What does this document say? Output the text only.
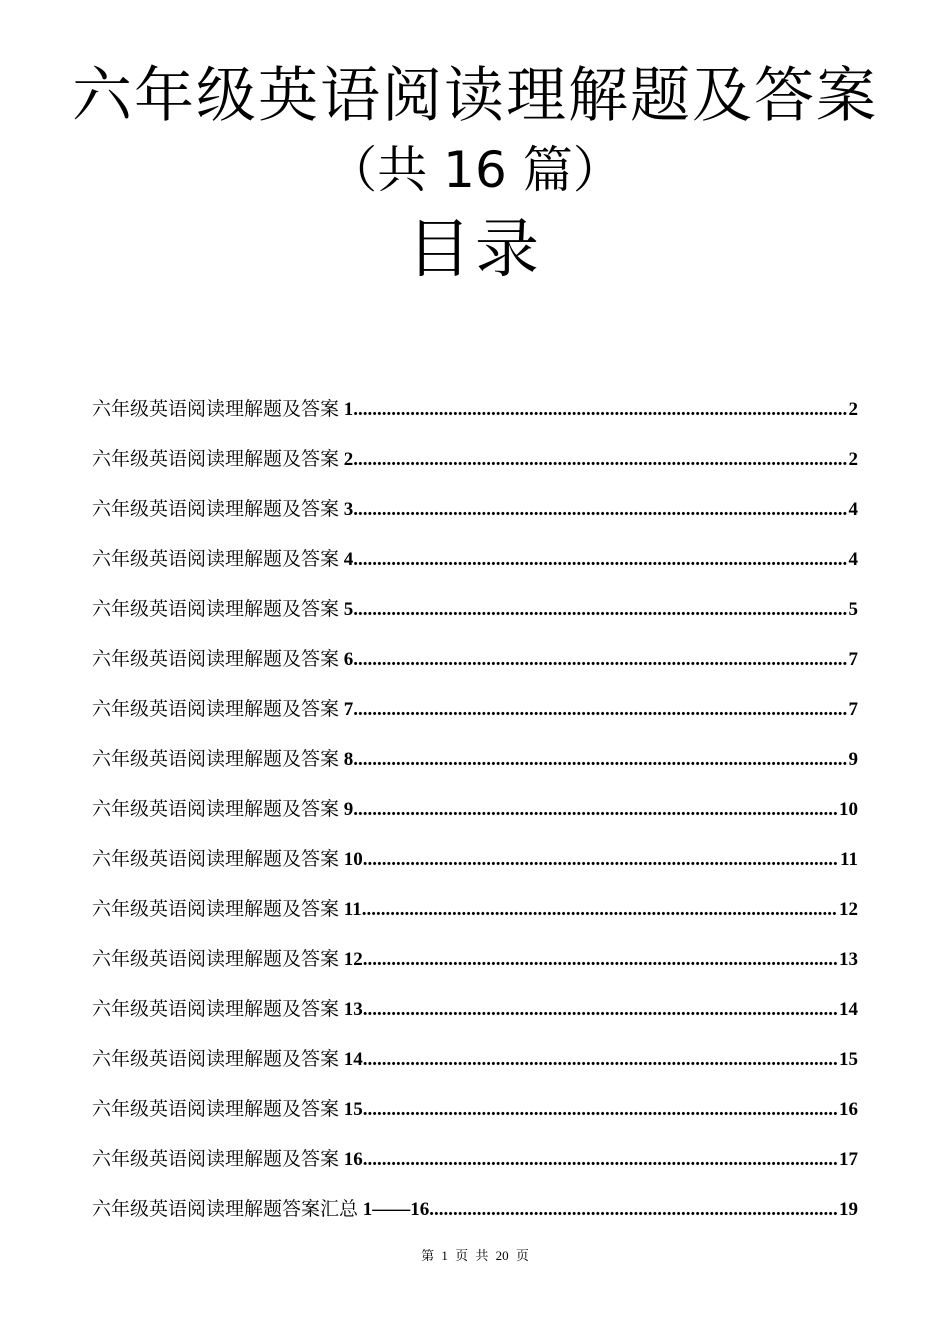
六年级英语阅读理解题及答案
（共 16 篇）
目录
六年级英语阅读理解题及答案 1 .....	2
六年级英语阅读理解题及答案 2 .....	2
六年级英语阅读理解题及答案 3 .....	4
六年级英语阅读理解题及答案 4 .....	4
六年级英语阅读理解题及答案 5 .....	5
六年级英语阅读理解题及答案 6 .....	7
六年级英语阅读理解题及答案 7 .....	7
六年级英语阅读理解题及答案 8 .....	9
六年级英语阅读理解题及答案 9 .....	10
六年级英语阅读理解题及答案 10 .....	11
六年级英语阅读理解题及答案 11 .....	12
六年级英语阅读理解题及答案 12 .....	13
六年级英语阅读理解题及答案 13 .....	14
六年级英语阅读理解题及答案 14 .....	15
六年级英语阅读理解题及答案 15 .....	16
六年级英语阅读理解题及答案 16 .....	17
六年级英语阅读理解题答案汇总 1——16 .....	19
第 1 页 共 20 页
